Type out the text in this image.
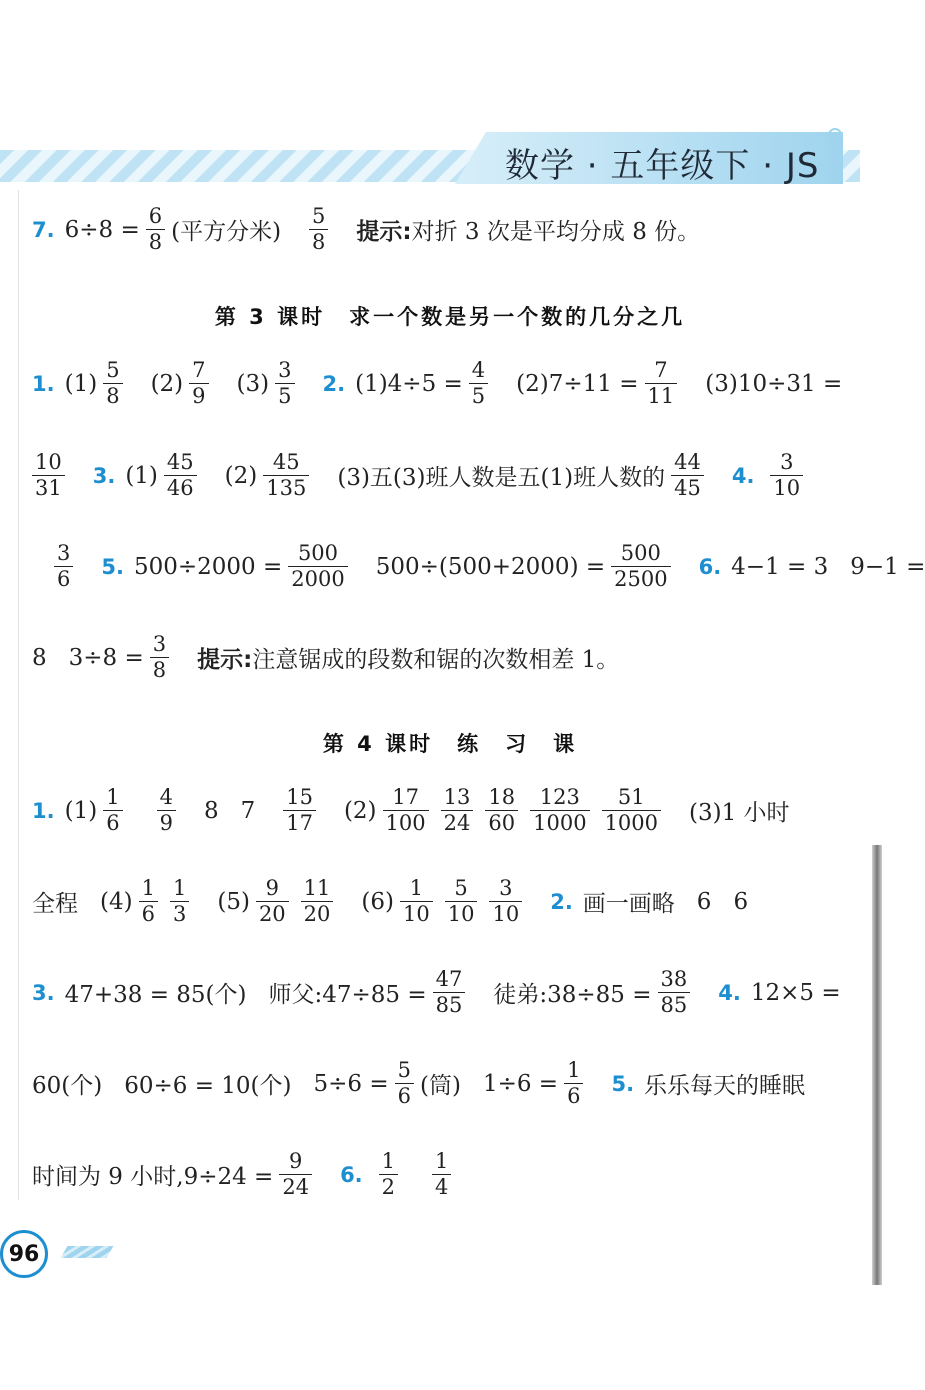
数学 · 五年级下 · JS
7. $6\div 8 = \frac{6}{8}$ (平方分米) $\frac{5}{8}$ 提示: 对折 3 次是平均分成 8 份。
第 3 课时　求一个数是另一个数的几分之几
1. $(1) \frac{5}{8} (2) \frac{7}{9} (3) \frac{3}{5} 2$. $(1)4\div 5 = \frac{4}{5} (2)7\div 11 = \frac{7}{11} (3)10\div 31$ =
$\frac{10}{31} 3$. $(1) \frac{45}{46} (2) \frac{45}{135} (3)$五(3)班人数是五(1)班人数的 $\frac{44}{45} 4$. $\frac{3}{10}$
$\frac{3}{6} 5$. $500\div 2000 = \frac{500}{2000} 500\div(500+2000) = \frac{500}{2500} 6$. 4−1 = 3 9−1 =
8 $3\div 8 = \frac{3}{8}$ 提示: 注意锯成的段数和锯的次数相差 1。
第 4 课时　练　习　课
1. $(1) \frac{1}{6} \frac{4}{9} 8$ $7 \frac{15}{17} (2) \frac{17}{100} \frac{13}{24} \frac{18}{60} \frac{123}{1000} \frac{51}{1000} (3)1$ 小时
全程 $(4) \frac{1}{6} \frac{1}{3} (5) \frac{9}{20} \frac{11}{20} (6) \frac{1}{10} \frac{5}{10} \frac{3}{10} 2$. 画一画略 6 6
3. 47+38 = 85(个) 师父:47÷85 = $\frac{47}{85}$ 徒弟:38÷85 = $\frac{38}{85} 4$. 12×5 =
60(个) 60÷6 = 10(个) $5\div 6 = \frac{5}{6}$ (筒) $1\div 6 = \frac{1}{6} 5$. 乐乐每天的睡眠
时间为 9 小时$,9\div 24 = \frac{9}{24} 6$. $\frac{1}{2} \frac{1}{4}$
96
